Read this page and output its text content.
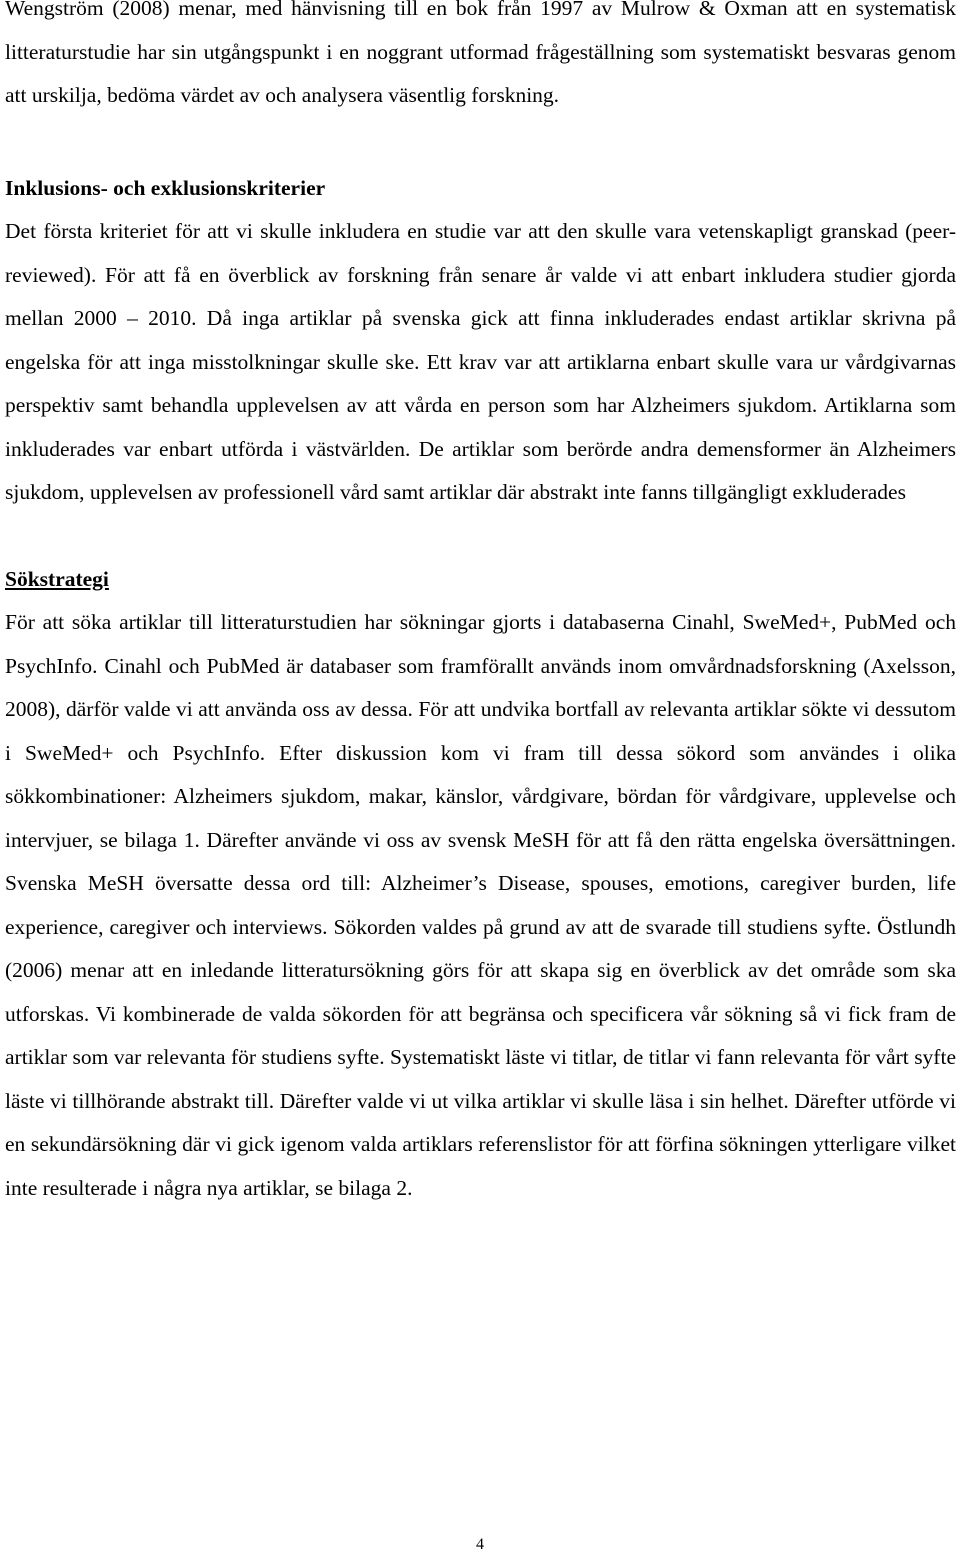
Wengström (2008) menar, med hänvisning till en bok från 1997 av Mulrow & Oxman att en systematisk litteraturstudie har sin utgångspunkt i en noggrant utformad frågeställning som systematiskt besvaras genom att urskilja, bedöma värdet av och analysera väsentlig forskning.

Inklusions- och exklusionskriterier

Det första kriteriet för att vi skulle inkludera en studie var att den skulle vara vetenskapligt granskad (peer-reviewed). För att få en överblick av forskning från senare år valde vi att enbart inkludera studier gjorda mellan 2000 – 2010. Då inga artiklar på svenska gick att finna inkluderades endast artiklar skrivna på engelska för att inga misstolkningar skulle ske. Ett krav var att artiklarna enbart skulle vara ur vårdgivarnas perspektiv samt behandla upplevelsen av att vårda en person som har Alzheimers sjukdom. Artiklarna som inkluderades var enbart utförda i västvärlden. De artiklar som berörde andra demensformer än Alzheimers sjukdom, upplevelsen av professionell vård samt artiklar där abstrakt inte fanns tillgängligt exkluderades

Sökstrategi

För att söka artiklar till litteraturstudien har sökningar gjorts i databaserna Cinahl, SweMed+, PubMed och PsychInfo. Cinahl och PubMed är databaser som framförallt används inom omvårdnadsforskning (Axelsson, 2008), därför valde vi att använda oss av dessa. För att undvika bortfall av relevanta artiklar sökte vi dessutom i SweMed+ och PsychInfo. Efter diskussion kom vi fram till dessa sökord som användes i olika sökkombinationer: Alzheimers sjukdom, makar, känslor, vårdgivare, bördan för vårdgivare, upplevelse och intervjuer, se bilaga 1. Därefter använde vi oss av svensk MeSH för att få den rätta engelska översättningen. Svenska MeSH översatte dessa ord till: Alzheimer’s Disease, spouses, emotions, caregiver burden, life experience, caregiver och interviews. Sökorden valdes på grund av att de svarade till studiens syfte. Östlundh (2006) menar att en inledande litteratursökning görs för att skapa sig en överblick av det område som ska utforskas. Vi kombinerade de valda sökorden för att begränsa och specificera vår sökning så vi fick fram de artiklar som var relevanta för studiens syfte. Systematiskt läste vi titlar, de titlar vi fann relevanta för vårt syfte läste vi tillhörande abstrakt till. Därefter valde vi ut vilka artiklar vi skulle läsa i sin helhet. Därefter utförde vi en sekundärsökning där vi gick igenom valda artiklars referenslistor för att förfina sökningen ytterligare vilket inte resulterade i några nya artiklar, se bilaga 2.

4
